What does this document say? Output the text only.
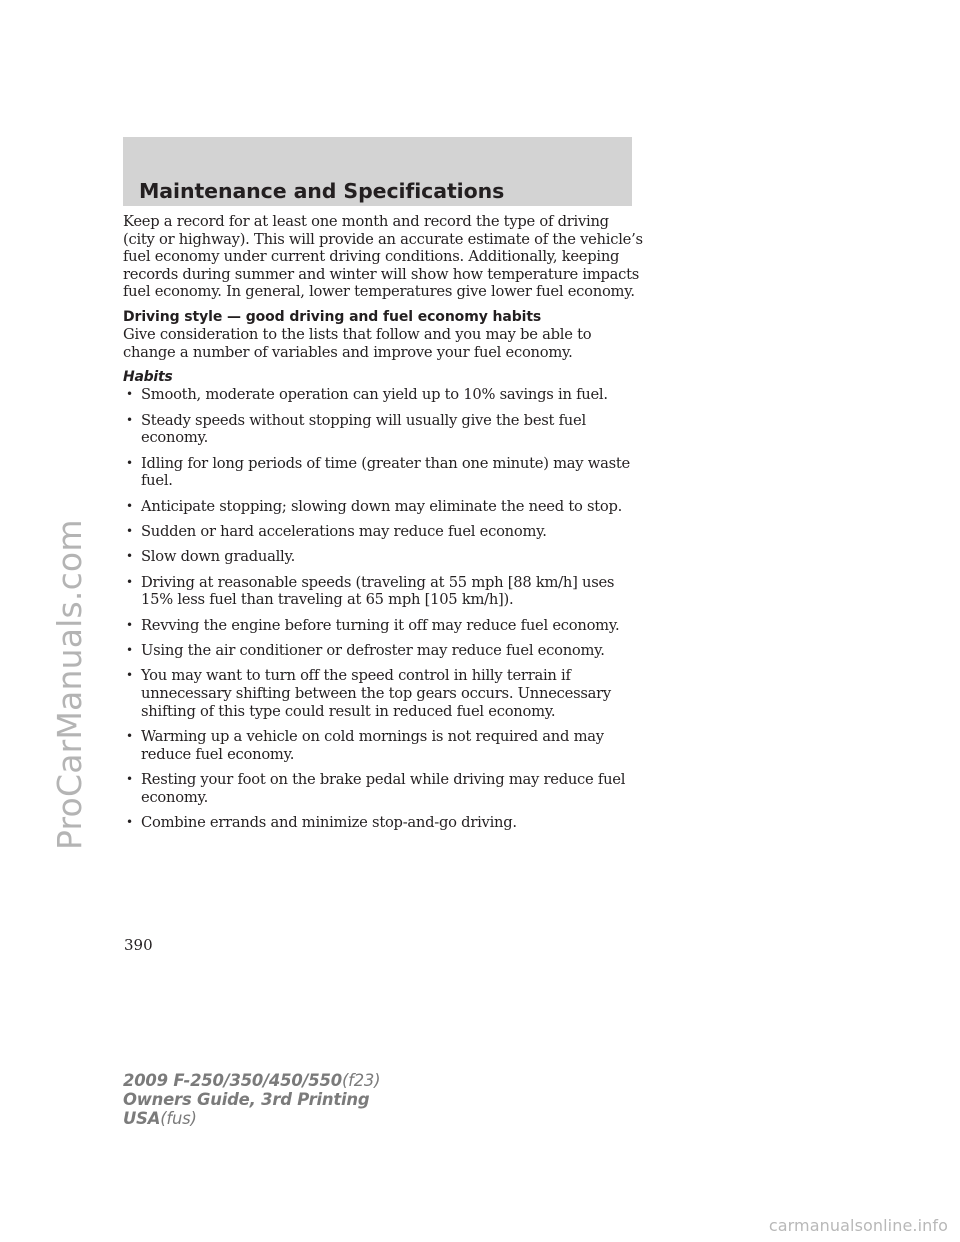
ProCarManuals.com
Maintenance and Specifications

Keep a record for at least one month and record the type of driving (city or highway). This will provide an accurate estimate of the vehicle’s fuel economy under current driving conditions. Additionally, keeping records during summer and winter will show how temperature impacts fuel economy. In general, lower temperatures give lower fuel economy.

Driving style — good driving and fuel economy habits

Give consideration to the lists that follow and you may be able to change a number of variables and improve your fuel economy.

Habits

• Smooth, moderate operation can yield up to 10% savings in fuel.
• Steady speeds without stopping will usually give the best fuel economy.
• Idling for long periods of time (greater than one minute) may waste fuel.
• Anticipate stopping; slowing down may eliminate the need to stop.
• Sudden or hard accelerations may reduce fuel economy.
• Slow down gradually.
• Driving at reasonable speeds (traveling at 55 mph [88 km/h] uses 15% less fuel than traveling at 65 mph [105 km/h]).
• Revving the engine before turning it off may reduce fuel economy.
• Using the air conditioner or defroster may reduce fuel economy.
• You may want to turn off the speed control in hilly terrain if unnecessary shifting between the top gears occurs. Unnecessary shifting of this type could result in reduced fuel economy.
• Warming up a vehicle on cold mornings is not required and may reduce fuel economy.
• Resting your foot on the brake pedal while driving may reduce fuel economy.
• Combine errands and minimize stop-and-go driving.
390
2009 F-250/350/450/550(f23)
Owners Guide, 3rd Printing
USA(fus)
carmanualsonline.info
